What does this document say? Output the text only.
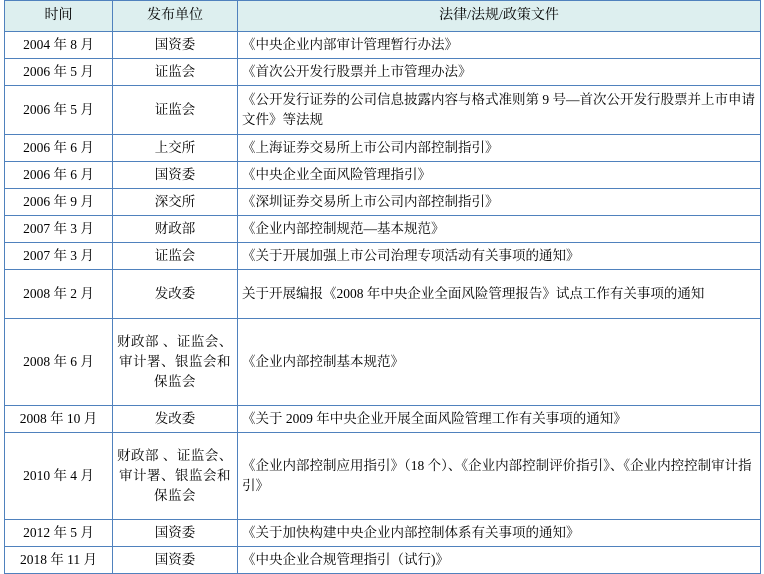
时间	发布单位	法律/法规/政策文件
2004 年 8 月	国资委	《中央企业内部审计管理暂行办法》
2006 年 5 月	证监会	《首次公开发行股票并上市管理办法》
2006 年 5 月	证监会	《公开发行证券的公司信息披露内容与格式准则第 9 号—首次公开发行股票并上市申请文件》等法规
2006 年 6 月	上交所	《上海证券交易所上市公司内部控制指引》
2006 年 6 月	国资委	《中央企业全面风险管理指引》
2006 年 9 月	深交所	《深圳证券交易所上市公司内部控制指引》
2007 年 3 月	财政部	《企业内部控制规范—基本规范》
2007 年 3 月	证监会	《关于开展加强上市公司治理专项活动有关事项的通知》
2008 年 2 月	发改委	关于开展编报《2008 年中央企业全面风险管理报告》试点工作有关事项的通知
2008 年 6 月	财政部 、证监会、审计署、银监会和保监会	《企业内部控制基本规范》
2008 年 10 月	发改委	《关于 2009 年中央企业开展全面风险管理工作有关事项的通知》
2010 年 4 月	财政部 、证监会、审计署、银监会和保监会	《企业内部控制应用指引》（18 个）、《企业内部控制评价指引》、《企业内控控制审计指引》
2012 年 5 月	国资委	《关于加快构建中央企业内部控制体系有关事项的通知》
2018 年 11 月	国资委	《中央企业合规管理指引（试行)》
